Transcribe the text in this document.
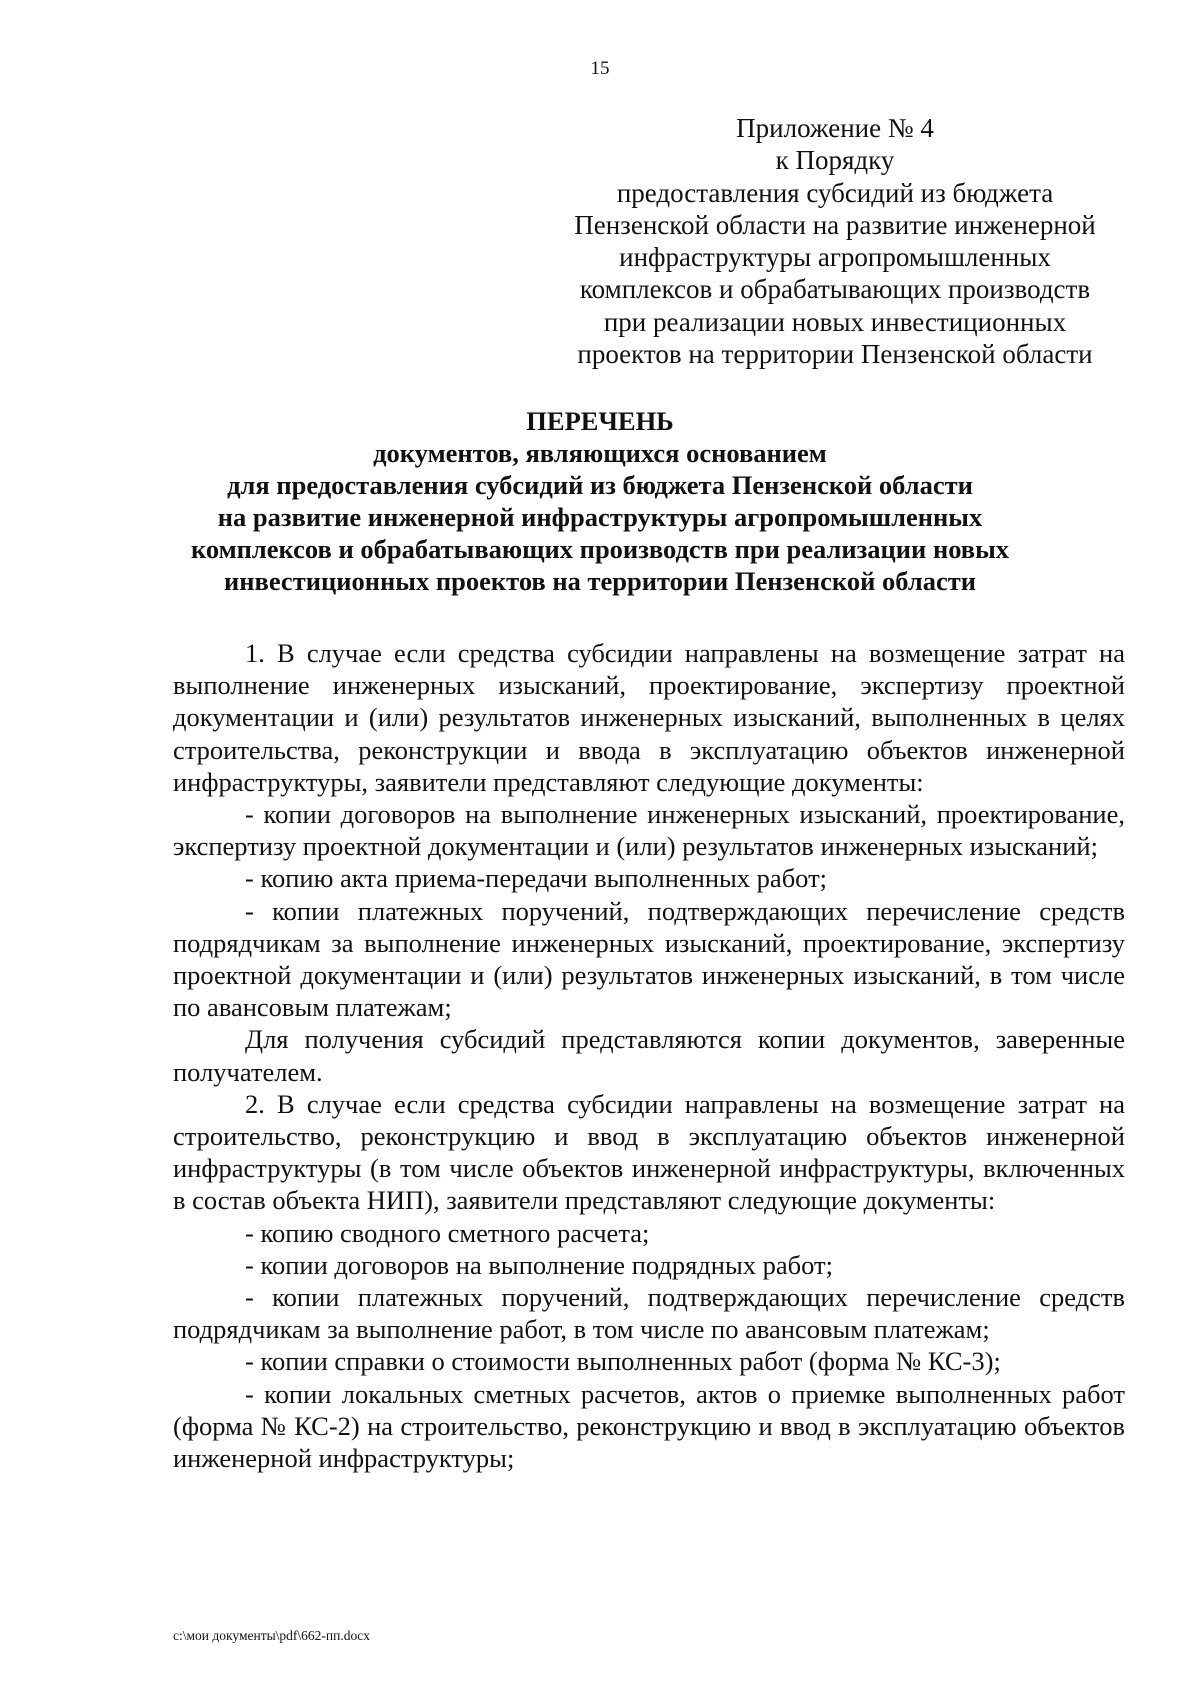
15
Приложение № 4
к Порядку
предоставления субсидий из бюджета
Пензенской области на развитие инженерной
инфраструктуры агропромышленных
комплексов и обрабатывающих производств
при реализации новых инвестиционных
проектов на территории Пензенской области
ПЕРЕЧЕНЬ
документов, являющихся основанием
для предоставления субсидий из бюджета Пензенской области
на развитие инженерной инфраструктуры агропромышленных
комплексов и обрабатывающих производств при реализации новых
инвестиционных проектов на территории Пензенской области

1. В случае если средства субсидии направлены на возмещение затрат на выполнение инженерных изысканий, проектирование, экспертизу проектной документации и (или) результатов инженерных изысканий, выполненных в целях строительства, реконструкции и ввода в эксплуатацию объектов инженерной инфраструктуры, заявители представляют следующие документы:

- копии договоров на выполнение инженерных изысканий, проектирование, экспертизу проектной документации и (или) результатов инженерных изысканий;

- копию акта приема-передачи выполненных работ;

- копии платежных поручений, подтверждающих перечисление средств подрядчикам за выполнение инженерных изысканий, проектирование, экспертизу проектной документации и (или) результатов инженерных изысканий, в том числе по авансовым платежам;

Для получения субсидий представляются копии документов, заверенные получателем.

2. В случае если средства субсидии направлены на возмещение затрат на строительство, реконструкцию и ввод в эксплуатацию объектов инженерной инфраструктуры (в том числе объектов инженерной инфраструктуры, включенных в состав объекта НИП), заявители представляют следующие документы:

- копию сводного сметного расчета;

- копии договоров на выполнение подрядных работ;

- копии платежных поручений, подтверждающих перечисление средств подрядчикам за выполнение работ, в том числе по авансовым платежам;

- копии справки о стоимости выполненных работ (форма № КС-3);

- копии локальных сметных расчетов, актов о приемке выполненных работ (форма № КС-2) на строительство, реконструкцию и ввод в эксплуатацию объектов инженерной инфраструктуры;

c:\мои документы\pdf\662-пп.docx
